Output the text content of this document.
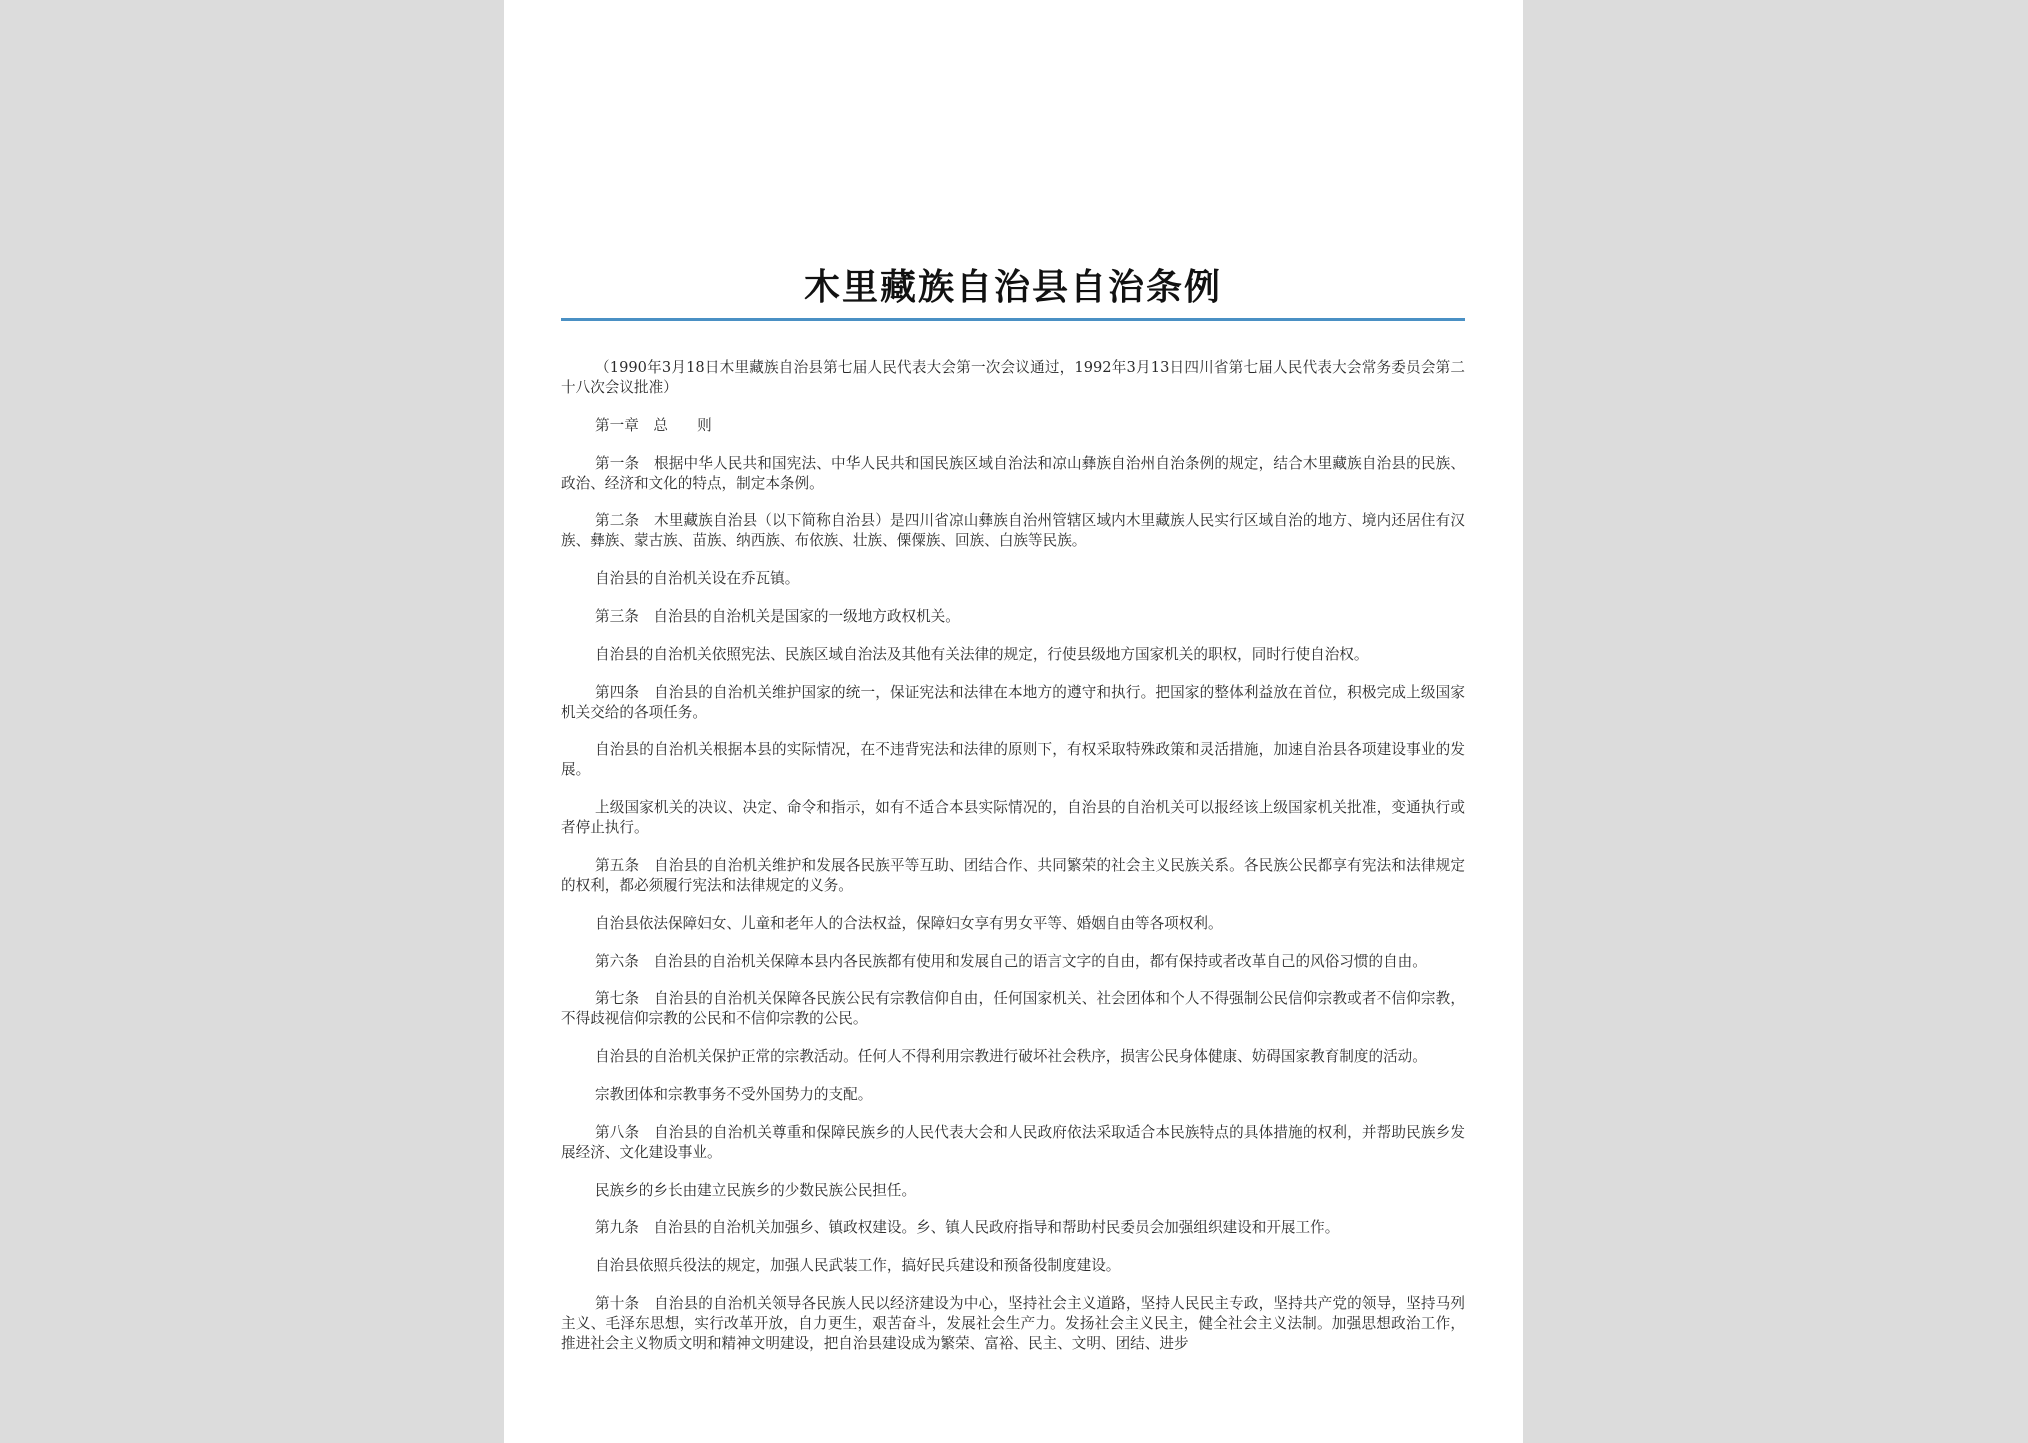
木里藏族自治县自治条例

（1990年3月18日木里藏族自治县第七届人民代表大会第一次会议通过，1992年3月13日四川省第七届人民代表大会常务委员会第二十八次会议批准）

第一章　总　　则

第一条　根据中华人民共和国宪法、中华人民共和国民族区域自治法和凉山彝族自治州自治条例的规定，结合木里藏族自治县的民族、政治、经济和文化的特点，制定本条例。

第二条　木里藏族自治县（以下简称自治县）是四川省凉山彝族自治州管辖区域内木里藏族人民实行区域自治的地方、境内还居住有汉族、彝族、蒙古族、苗族、纳西族、布依族、壮族、傈僳族、回族、白族等民族。

自治县的自治机关设在乔瓦镇。

第三条　自治县的自治机关是国家的一级地方政权机关。

自治县的自治机关依照宪法、民族区域自治法及其他有关法律的规定，行使县级地方国家机关的职权，同时行使自治权。

第四条　自治县的自治机关维护国家的统一，保证宪法和法律在本地方的遵守和执行。把国家的整体利益放在首位，积极完成上级国家机关交给的各项任务。

自治县的自治机关根据本县的实际情况，在不违背宪法和法律的原则下，有权采取特殊政策和灵活措施，加速自治县各项建设事业的发展。

上级国家机关的决议、决定、命令和指示，如有不适合本县实际情况的，自治县的自治机关可以报经该上级国家机关批准，变通执行或者停止执行。

第五条　自治县的自治机关维护和发展各民族平等互助、团结合作、共同繁荣的社会主义民族关系。各民族公民都享有宪法和法律规定的权利，都必须履行宪法和法律规定的义务。

自治县依法保障妇女、儿童和老年人的合法权益，保障妇女享有男女平等、婚姻自由等各项权利。

第六条　自治县的自治机关保障本县内各民族都有使用和发展自己的语言文字的自由，都有保持或者改革自己的风俗习惯的自由。

第七条　自治县的自治机关保障各民族公民有宗教信仰自由，任何国家机关、社会团体和个人不得强制公民信仰宗教或者不信仰宗教，不得歧视信仰宗教的公民和不信仰宗教的公民。

自治县的自治机关保护正常的宗教活动。任何人不得利用宗教进行破坏社会秩序，损害公民身体健康、妨碍国家教育制度的活动。

宗教团体和宗教事务不受外国势力的支配。

第八条　自治县的自治机关尊重和保障民族乡的人民代表大会和人民政府依法采取适合本民族特点的具体措施的权利，并帮助民族乡发展经济、文化建设事业。

民族乡的乡长由建立民族乡的少数民族公民担任。

第九条　自治县的自治机关加强乡、镇政权建设。乡、镇人民政府指导和帮助村民委员会加强组织建设和开展工作。

自治县依照兵役法的规定，加强人民武装工作，搞好民兵建设和预备役制度建设。

第十条　自治县的自治机关领导各民族人民以经济建设为中心，坚持社会主义道路，坚持人民民主专政，坚持共产党的领导，坚持马列主义、毛泽东思想，实行改革开放，自力更生，艰苦奋斗，发展社会生产力。发扬社会主义民主，健全社会主义法制。加强思想政治工作，推进社会主义物质文明和精神文明建设，把自治县建设成为繁荣、富裕、民主、文明、团结、进步
